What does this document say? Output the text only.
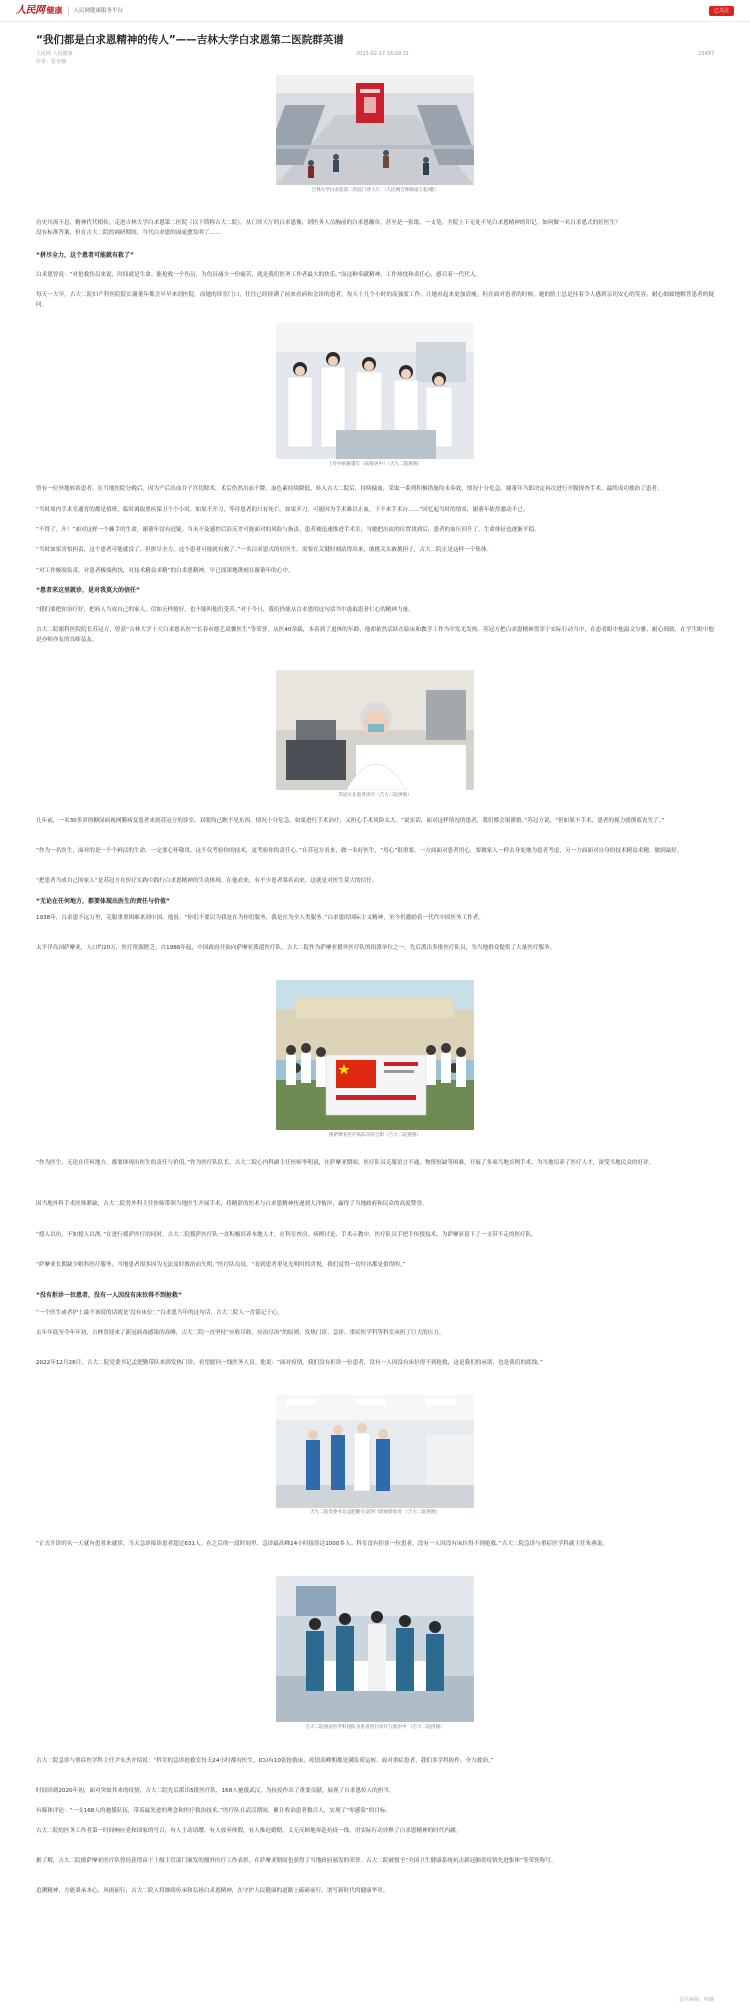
人民网 健康 人民网健康服务平台	已关注
“我们都是白求恩精神的传人”——吉林大学白求恩第二医院群英谱
人民网 人民健康	2023-02-17 16:09:31	23497
作者：张亚楠
吉林大学白求恩第二医院门诊大厅 （人民网吉林频道王松/摄）

历史川流不息，精神代代相传。走进吉林大学白求恩第二医院（以下简称吉大二院），从门诊大厅的白求恩像，到医务人员胸前的白求恩徽章，甚至是一张纸、一支笔，全院上下无处不见白求恩精神的印记。如何做一名白求恩式的好医生？

没有标准答案，但在吉大二院的调研期间，当代白求恩的面庞愈发明了……

“拼尽全力，这个患者可能就有救了”

白求恩曾说：“对抢救伤员来说，时间就是生命。能抢救一个伤员，为伤员减少一份痛苦，就是我们医务工作者最大的快乐。”而这种奉献精神，工作热忱和责任心，感召着一代代人。

每天一大早，吉大二院妇产科医院院长谢董年都会早早来到医院。而她的诊室门口，往往已经挤满了前来看病和会诊的患者。每天十几个小时的高强度工作，让她看起来更加清瘦。但在面对患者的时候，她的脸上总是挂着令人感到亲切安心的笑容，耐心细致地解答患者的疑问。

工作中的谢董年（前排居中）（吉大二院供图）

曾有一位外地转诊患者，在当地医院分娩后，因为产后出血并子宫切除术，术后仍然出血不降。血色素持续降低，转入吉大二院后，持续输血，采取一系列积极措施均未奏效，情况十分危急。谢董年当即决定再次进行开腹探查手术，最终成功救治了患者。

“当时周内手术室通宵的都是值班，临时调取重疾保卫个个小时，如果不开刀，等待患者的只有死亡。如果开刀，可能因为手术难以止血，下不来手术台……”回忆起当时的情景，谢董年依然激动不已。

“不得了，开！”面对这样一个棘手的生命，谢董年没有迟疑。当未不及感控后沿反差可能面对的风险与指责，患者被迅速推进手术室，当她把出血的位置找到后，患者的血压回升了，生命体征也逐渐平稳。

“当时如果害怕担责，这个患者可能就没了。但拼尽全力，这个患者可能就有救了。”一名白求恩式的好医生，需要在关键时刻站得出来，敢挑关头敢挑担子，吉大二院正是这样一个集体。

“对工作极端负责，对患者极端热忱，对技术精益求精”的白求恩精神，早已深深地镌刻在谢董年的心中。

“患者来这里就诊，是对我莫大的信任”

“我们要把你治疗好，把病人当成自己的家人，信如天样般好，也不能叫他们受苦。”对于今日，我们仍能从白求恩的这句话当中汲取患者仁心的精神力量。

吉大二院眼科医院院长苏冠方，曾获“吉林大学十大白求恩名医”“长春市德艺双馨医生”等荣誉，从医40余载，本着到了退休的年龄，他却依然活跃在临床和教学工作当中发光发热。苏冠方把白求恩精神贯穿于实际行动当中，在患者眼中他温文尔雅，耐心细致，在学生眼中他是亦师亦友的良师益友。

苏冠方在患者诊疗（吉大二院供图）

几年前，一名30多岁的糖尿病视网膜病变患者来到苏冠方的诊室，双眼均已瞧不见东西，情况十分危急。如果进行手术治疗，又担心手术风险太大。“说实话，面对这样情况的患者，我们都会很谨慎。”苏冠方说，“但如果不手术，患者的视力就彻底丧失了。”

“作为一名医生，面对的是一个个鲜活的生命，一定要心怀敬畏。这不仅考验你的技术，更考验你的责任心。”在苏冠方看来，做一名好医生，“用心”很重要。一方面面对患者用心，要做家人一样去身处地为患者考虑，另一方面面对自身的技术精益求精，做到最好。

“把患者当成自己的家人”是苏冠方在医疗实践中践行白求恩精神的生动体现。在他看来，有不少患者慕名而来，这就是对医生莫大的信任。

“无论在任何地方，都要体现出医生的责任与价值”

1938年，白求恩不远万里，克服重重困难来到中国。他说：“你们不要以为我是在为你们服务，我是在为全人类服务。”白求恩的国际主义精神，至今仍激励着一代代中国医务工作者。

太平洋岛国萨摩亚，人口约20万，医疗资源匮乏。自1986年起，中国政府开始向萨摩亚派遣医疗队。吉大二院作为萨摩亚援外医疗队的组派单位之一，先后派出多批医疗队员，为当地群众提供了大量医疗服务。

援萨摩亚医疗队队员的合影（吉大二院供图）

“作为医生，无论在任何地方，都要体现出医生的责任与价值。”作为医疗队队长，吉大二院心内科副主任医师李明说，在萨摩亚期间，医疗队员克服语言不通、物资短缺等困难，开展了多项当地首例手术，为当地培养了医疗人才，深受当地民众的好评。

因当地外科手术医师紧缺，吉大二院普外科主任医师带领当地医生开展手术，将精湛的医术与白求恩精神传递到大洋彼岸，赢得了当地政府和民众的高度赞誉。

“授人以鱼，不如授人以渔。”在进行援萨医疗的同时，吉大二院援萨医疗队一直积极培养本地人才。在科室查房、病例讨论、手术示教中，医疗队员手把手传授技术，为萨摩亚留下了一支带不走的医疗队。

“萨摩亚长期缺少眼科医疗服务，当地患者很多因为无法及时救治而失明。”医疗队员说，“看到患者重见光明时的喜悦，我们觉得一切付出都是值得的。”

“没有拒诊一位患者，没有一人因没有床位得不到抢救”

“一个医生或者护士最不该说的话就是‘没有床位’。”白求恩当年的这句话，吉大二院人一直铭记于心。

去年年底至今年年初，吉林省迎来了新冠病毒感染的高峰，吉大二院一直坚持“应收尽收、应治尽治”的原则，发热门诊、急诊、重症医学科等科室承担了巨大的压力。

2022年12月26日，吉大二院党委书记孟肥勤带队来到发热门诊，看望慰问一线医务人员。他说：“面对疫情，我们没有拒诊一位患者，没有一人因没有床位得不到抢救，这是我们的承诺，也是我们的底线。”

吉大二院党委书记孟肥勤在发热门诊观察患者 （吉大二院供图）

“正式开诊的头一天就有患者来就诊，当天急诊接诊患者超过631人。在之后的一段时间里，急诊最高峰24小时接诊达1000多人。科室没有拒诊一位患者，没有一人因没有床位得不到抢救。”吉大二院急诊与重症医学科副主任朱燕说。

吉大二院重症医学科团队为患者进行诊疗与救治中 （吉大二院供图）

吉大二院急诊与重症医学科主任尹永杰介绍说：“科室的急诊抢救室每天24小时都有医生，ICU有10张抢救床，疫情高峰期都是满负荷运转。面对重症患者，我们多学科协作，全力救治。”

时间回到2020年初，面对突如其来的疫情，吉大二院先后派出5批医疗队，168人驰援武汉，为抗疫作出了重要贡献，展现了白求恩传人的担当。

有媒体评论：“一支168人的驰援队伍，带着最先进的理念和医疗救治技术。”医疗队在武汉期间，累计收治患者数百人，实现了“零感染”的目标。

吉大二院的医务工作者第一时间响应党和国家的号召，有人主动请缨，有人放弃休假，有人推迟婚期，义无反顾地奔赴抗疫一线，用实际行动诠释了白求恩精神的时代内涵。

据了解，吉大二院援萨摩亚医疗队曾经获得由于上级主管部门颁发的援外医疗工作表彰，在萨摩亚期间也获得了当地政府颁发的荣誉。吉大二院被授予“全国卫生健康系统抗击新冠肺炎疫情先进集体”等荣誉称号。

追溯精神，方能秉承本心。风雨前行，吉大二院人将继续传承和弘扬白求恩精神，在守护人民健康的道路上砥砺前行，谱写新时代的健康华章。

责任编辑：程曦
